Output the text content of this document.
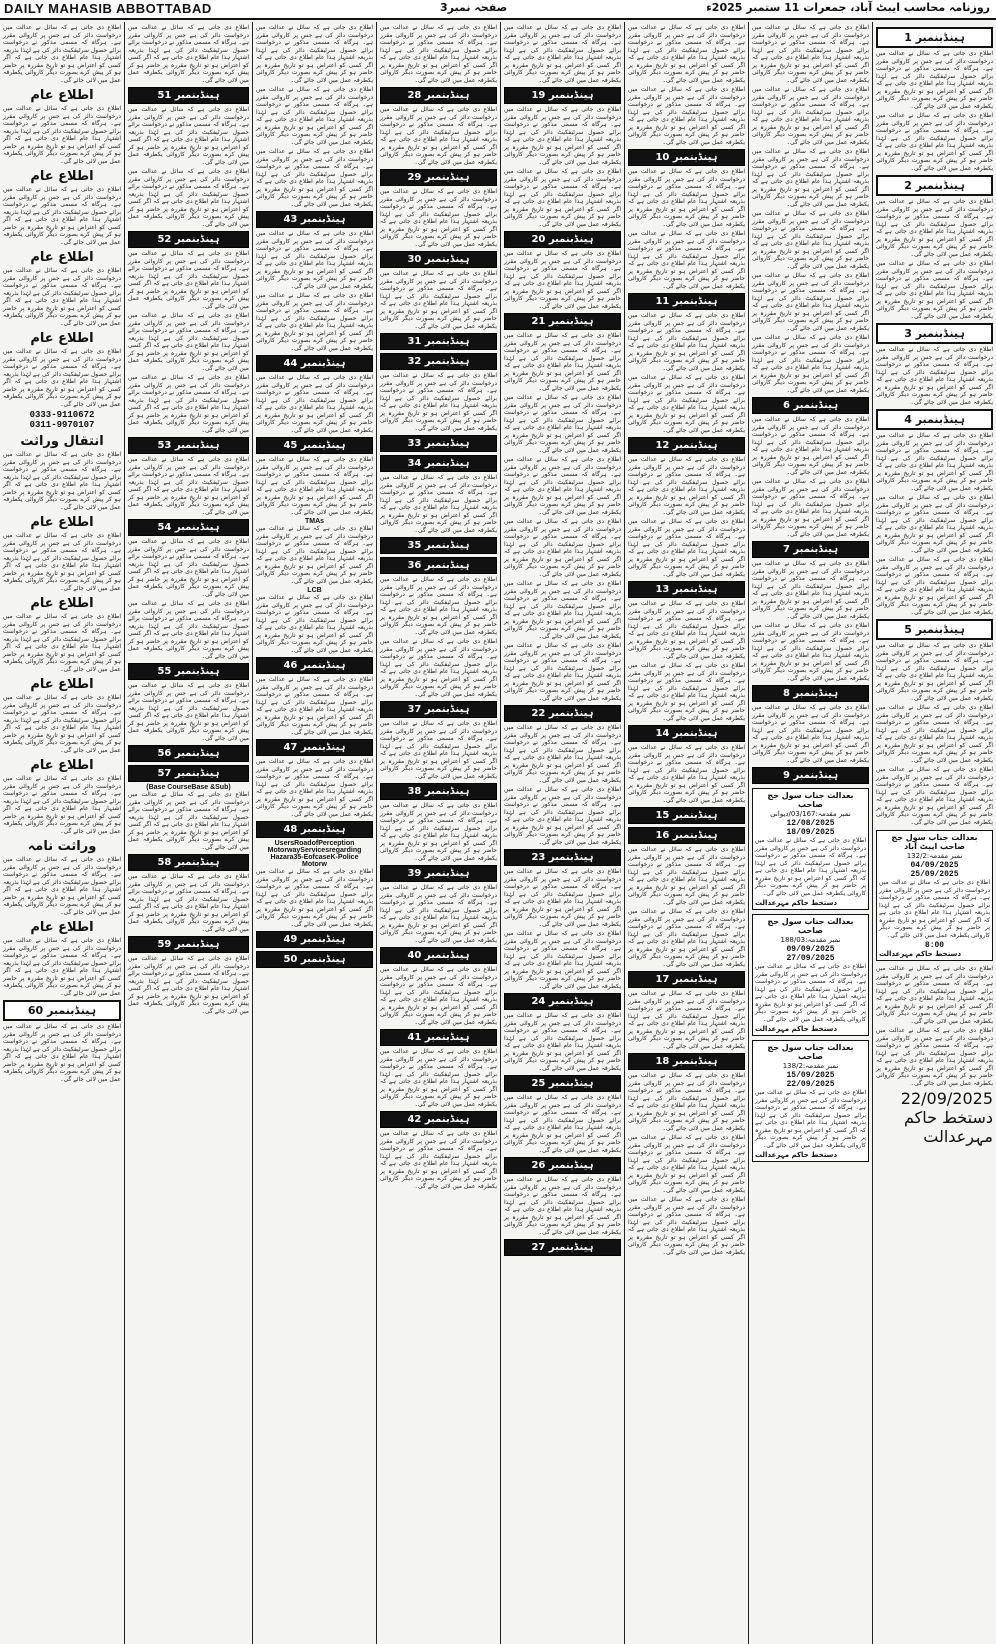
DAILY MAHASIB ABBOTTABAD	صفحہ نمبر3	روزنامہ محاسب ایبٹ آباد، جمعرات 11 ستمبر 2025ء
ہینڈبنمبر 1
اطلاع دی جاتی ہے کہ سائل نے عدالت میں درخواست دائر کی ہے جس پر کاروائی مقرر ہے۔ ہرگاہ کہ مسمی مذکور نے درخواست برائے حصول سرٹیفکیٹ دائر کی ہے لہٰذا بذریعہ اشتہار ہذا عام اطلاع دی جاتی ہے کہ اگر کسی کو اعتراض ہو تو تاریخ مقررہ پر حاضر ہو کر پیش کرے بصورت دیگر کاروائی یکطرفہ عمل میں لائی جائے گی۔
اطلاع دی جاتی ہے کہ سائل نے عدالت میں درخواست دائر کی ہے جس پر کاروائی مقرر ہے۔ ہرگاہ کہ مسمی مذکور نے درخواست برائے حصول سرٹیفکیٹ دائر کی ہے لہٰذا بذریعہ اشتہار ہذا عام اطلاع دی جاتی ہے کہ اگر کسی کو اعتراض ہو تو تاریخ مقررہ پر حاضر ہو کر پیش کرے بصورت دیگر کاروائی یکطرفہ عمل میں لائی جائے گی۔
ہینڈبنمبر 2
اطلاع دی جاتی ہے کہ سائل نے عدالت میں درخواست دائر کی ہے جس پر کاروائی مقرر ہے۔ ہرگاہ کہ مسمی مذکور نے درخواست برائے حصول سرٹیفکیٹ دائر کی ہے لہٰذا بذریعہ اشتہار ہذا عام اطلاع دی جاتی ہے کہ اگر کسی کو اعتراض ہو تو تاریخ مقررہ پر حاضر ہو کر پیش کرے بصورت دیگر کاروائی یکطرفہ عمل میں لائی جائے گی۔
اطلاع دی جاتی ہے کہ سائل نے عدالت میں درخواست دائر کی ہے جس پر کاروائی مقرر ہے۔ ہرگاہ کہ مسمی مذکور نے درخواست برائے حصول سرٹیفکیٹ دائر کی ہے لہٰذا بذریعہ اشتہار ہذا عام اطلاع دی جاتی ہے کہ اگر کسی کو اعتراض ہو تو تاریخ مقررہ پر حاضر ہو کر پیش کرے بصورت دیگر کاروائی یکطرفہ عمل میں لائی جائے گی۔
ہینڈبنمبر 3
اطلاع دی جاتی ہے کہ سائل نے عدالت میں درخواست دائر کی ہے جس پر کاروائی مقرر ہے۔ ہرگاہ کہ مسمی مذکور نے درخواست برائے حصول سرٹیفکیٹ دائر کی ہے لہٰذا بذریعہ اشتہار ہذا عام اطلاع دی جاتی ہے کہ اگر کسی کو اعتراض ہو تو تاریخ مقررہ پر حاضر ہو کر پیش کرے بصورت دیگر کاروائی یکطرفہ عمل میں لائی جائے گی۔
ہینڈبنمبر 4
اطلاع دی جاتی ہے کہ سائل نے عدالت میں درخواست دائر کی ہے جس پر کاروائی مقرر ہے۔ ہرگاہ کہ مسمی مذکور نے درخواست برائے حصول سرٹیفکیٹ دائر کی ہے لہٰذا بذریعہ اشتہار ہذا عام اطلاع دی جاتی ہے کہ اگر کسی کو اعتراض ہو تو تاریخ مقررہ پر حاضر ہو کر پیش کرے بصورت دیگر کاروائی یکطرفہ عمل میں لائی جائے گی۔
اطلاع دی جاتی ہے کہ سائل نے عدالت میں درخواست دائر کی ہے جس پر کاروائی مقرر ہے۔ ہرگاہ کہ مسمی مذکور نے درخواست برائے حصول سرٹیفکیٹ دائر کی ہے لہٰذا بذریعہ اشتہار ہذا عام اطلاع دی جاتی ہے کہ اگر کسی کو اعتراض ہو تو تاریخ مقررہ پر حاضر ہو کر پیش کرے بصورت دیگر کاروائی یکطرفہ عمل میں لائی جائے گی۔
اطلاع دی جاتی ہے کہ سائل نے عدالت میں درخواست دائر کی ہے جس پر کاروائی مقرر ہے۔ ہرگاہ کہ مسمی مذکور نے درخواست برائے حصول سرٹیفکیٹ دائر کی ہے لہٰذا بذریعہ اشتہار ہذا عام اطلاع دی جاتی ہے کہ اگر کسی کو اعتراض ہو تو تاریخ مقررہ پر حاضر ہو کر پیش کرے بصورت دیگر کاروائی یکطرفہ عمل میں لائی جائے گی۔
ہینڈبنمبر 5
اطلاع دی جاتی ہے کہ سائل نے عدالت میں درخواست دائر کی ہے جس پر کاروائی مقرر ہے۔ ہرگاہ کہ مسمی مذکور نے درخواست برائے حصول سرٹیفکیٹ دائر کی ہے لہٰذا بذریعہ اشتہار ہذا عام اطلاع دی جاتی ہے کہ اگر کسی کو اعتراض ہو تو تاریخ مقررہ پر حاضر ہو کر پیش کرے بصورت دیگر کاروائی یکطرفہ عمل میں لائی جائے گی۔
اطلاع دی جاتی ہے کہ سائل نے عدالت میں درخواست دائر کی ہے جس پر کاروائی مقرر ہے۔ ہرگاہ کہ مسمی مذکور نے درخواست برائے حصول سرٹیفکیٹ دائر کی ہے لہٰذا بذریعہ اشتہار ہذا عام اطلاع دی جاتی ہے کہ اگر کسی کو اعتراض ہو تو تاریخ مقررہ پر حاضر ہو کر پیش کرے بصورت دیگر کاروائی یکطرفہ عمل میں لائی جائے گی۔
اطلاع دی جاتی ہے کہ سائل نے عدالت میں درخواست دائر کی ہے جس پر کاروائی مقرر ہے۔ ہرگاہ کہ مسمی مذکور نے درخواست برائے حصول سرٹیفکیٹ دائر کی ہے لہٰذا بذریعہ اشتہار ہذا عام اطلاع دی جاتی ہے کہ اگر کسی کو اعتراض ہو تو تاریخ مقررہ پر حاضر ہو کر پیش کرے بصورت دیگر کاروائی یکطرفہ عمل میں لائی جائے گی۔
بعدالت جناب سول جج صاحب ایبٹ آباد
نمبر مقدمہ:132/2
04/09/2025
25/09/2025
اطلاع دی جاتی ہے کہ سائل نے عدالت میں درخواست دائر کی ہے جس پر کاروائی مقرر ہے۔ ہرگاہ کہ مسمی مذکور نے درخواست برائے حصول سرٹیفکیٹ دائر کی ہے لہٰذا بذریعہ اشتہار ہذا عام اطلاع دی جاتی ہے کہ اگر کسی کو اعتراض ہو تو تاریخ مقررہ پر حاضر ہو کر پیش کرے بصورت دیگر کاروائی یکطرفہ عمل میں لائی جائے گی۔
8:00
دستخط حاکم مہرعدالت
اطلاع دی جاتی ہے کہ سائل نے عدالت میں درخواست دائر کی ہے جس پر کاروائی مقرر ہے۔ ہرگاہ کہ مسمی مذکور نے درخواست برائے حصول سرٹیفکیٹ دائر کی ہے لہٰذا بذریعہ اشتہار ہذا عام اطلاع دی جاتی ہے کہ اگر کسی کو اعتراض ہو تو تاریخ مقررہ پر حاضر ہو کر پیش کرے بصورت دیگر کاروائی یکطرفہ عمل میں لائی جائے گی۔
اطلاع دی جاتی ہے کہ سائل نے عدالت میں درخواست دائر کی ہے جس پر کاروائی مقرر ہے۔ ہرگاہ کہ مسمی مذکور نے درخواست برائے حصول سرٹیفکیٹ دائر کی ہے لہٰذا بذریعہ اشتہار ہذا عام اطلاع دی جاتی ہے کہ اگر کسی کو اعتراض ہو تو تاریخ مقررہ پر حاضر ہو کر پیش کرے بصورت دیگر کاروائی یکطرفہ عمل میں لائی جائے گی۔
22/09/2025
دستخط حاکم مہرعدالت
اطلاع دی جاتی ہے کہ سائل نے عدالت میں درخواست دائر کی ہے جس پر کاروائی مقرر ہے۔ ہرگاہ کہ مسمی مذکور نے درخواست برائے حصول سرٹیفکیٹ دائر کی ہے لہٰذا بذریعہ اشتہار ہذا عام اطلاع دی جاتی ہے کہ اگر کسی کو اعتراض ہو تو تاریخ مقررہ پر حاضر ہو کر پیش کرے بصورت دیگر کاروائی یکطرفہ عمل میں لائی جائے گی۔
اطلاع دی جاتی ہے کہ سائل نے عدالت میں درخواست دائر کی ہے جس پر کاروائی مقرر ہے۔ ہرگاہ کہ مسمی مذکور نے درخواست برائے حصول سرٹیفکیٹ دائر کی ہے لہٰذا بذریعہ اشتہار ہذا عام اطلاع دی جاتی ہے کہ اگر کسی کو اعتراض ہو تو تاریخ مقررہ پر حاضر ہو کر پیش کرے بصورت دیگر کاروائی یکطرفہ عمل میں لائی جائے گی۔
اطلاع دی جاتی ہے کہ سائل نے عدالت میں درخواست دائر کی ہے جس پر کاروائی مقرر ہے۔ ہرگاہ کہ مسمی مذکور نے درخواست برائے حصول سرٹیفکیٹ دائر کی ہے لہٰذا بذریعہ اشتہار ہذا عام اطلاع دی جاتی ہے کہ اگر کسی کو اعتراض ہو تو تاریخ مقررہ پر حاضر ہو کر پیش کرے بصورت دیگر کاروائی یکطرفہ عمل میں لائی جائے گی۔
اطلاع دی جاتی ہے کہ سائل نے عدالت میں درخواست دائر کی ہے جس پر کاروائی مقرر ہے۔ ہرگاہ کہ مسمی مذکور نے درخواست برائے حصول سرٹیفکیٹ دائر کی ہے لہٰذا بذریعہ اشتہار ہذا عام اطلاع دی جاتی ہے کہ اگر کسی کو اعتراض ہو تو تاریخ مقررہ پر حاضر ہو کر پیش کرے بصورت دیگر کاروائی یکطرفہ عمل میں لائی جائے گی۔
اطلاع دی جاتی ہے کہ سائل نے عدالت میں درخواست دائر کی ہے جس پر کاروائی مقرر ہے۔ ہرگاہ کہ مسمی مذکور نے درخواست برائے حصول سرٹیفکیٹ دائر کی ہے لہٰذا بذریعہ اشتہار ہذا عام اطلاع دی جاتی ہے کہ اگر کسی کو اعتراض ہو تو تاریخ مقررہ پر حاضر ہو کر پیش کرے بصورت دیگر کاروائی یکطرفہ عمل میں لائی جائے گی۔
اطلاع دی جاتی ہے کہ سائل نے عدالت میں درخواست دائر کی ہے جس پر کاروائی مقرر ہے۔ ہرگاہ کہ مسمی مذکور نے درخواست برائے حصول سرٹیفکیٹ دائر کی ہے لہٰذا بذریعہ اشتہار ہذا عام اطلاع دی جاتی ہے کہ اگر کسی کو اعتراض ہو تو تاریخ مقررہ پر حاضر ہو کر پیش کرے بصورت دیگر کاروائی یکطرفہ عمل میں لائی جائے گی۔
ہینڈبنمبر 6
اطلاع دی جاتی ہے کہ سائل نے عدالت میں درخواست دائر کی ہے جس پر کاروائی مقرر ہے۔ ہرگاہ کہ مسمی مذکور نے درخواست برائے حصول سرٹیفکیٹ دائر کی ہے لہٰذا بذریعہ اشتہار ہذا عام اطلاع دی جاتی ہے کہ اگر کسی کو اعتراض ہو تو تاریخ مقررہ پر حاضر ہو کر پیش کرے بصورت دیگر کاروائی یکطرفہ عمل میں لائی جائے گی۔
اطلاع دی جاتی ہے کہ سائل نے عدالت میں درخواست دائر کی ہے جس پر کاروائی مقرر ہے۔ ہرگاہ کہ مسمی مذکور نے درخواست برائے حصول سرٹیفکیٹ دائر کی ہے لہٰذا بذریعہ اشتہار ہذا عام اطلاع دی جاتی ہے کہ اگر کسی کو اعتراض ہو تو تاریخ مقررہ پر حاضر ہو کر پیش کرے بصورت دیگر کاروائی یکطرفہ عمل میں لائی جائے گی۔
ہینڈبنمبر 7
اطلاع دی جاتی ہے کہ سائل نے عدالت میں درخواست دائر کی ہے جس پر کاروائی مقرر ہے۔ ہرگاہ کہ مسمی مذکور نے درخواست برائے حصول سرٹیفکیٹ دائر کی ہے لہٰذا بذریعہ اشتہار ہذا عام اطلاع دی جاتی ہے کہ اگر کسی کو اعتراض ہو تو تاریخ مقررہ پر حاضر ہو کر پیش کرے بصورت دیگر کاروائی یکطرفہ عمل میں لائی جائے گی۔
اطلاع دی جاتی ہے کہ سائل نے عدالت میں درخواست دائر کی ہے جس پر کاروائی مقرر ہے۔ ہرگاہ کہ مسمی مذکور نے درخواست برائے حصول سرٹیفکیٹ دائر کی ہے لہٰذا بذریعہ اشتہار ہذا عام اطلاع دی جاتی ہے کہ اگر کسی کو اعتراض ہو تو تاریخ مقررہ پر حاضر ہو کر پیش کرے بصورت دیگر کاروائی یکطرفہ عمل میں لائی جائے گی۔
ہینڈبنمبر 8
اطلاع دی جاتی ہے کہ سائل نے عدالت میں درخواست دائر کی ہے جس پر کاروائی مقرر ہے۔ ہرگاہ کہ مسمی مذکور نے درخواست برائے حصول سرٹیفکیٹ دائر کی ہے لہٰذا بذریعہ اشتہار ہذا عام اطلاع دی جاتی ہے کہ اگر کسی کو اعتراض ہو تو تاریخ مقررہ پر حاضر ہو کر پیش کرے بصورت دیگر کاروائی یکطرفہ عمل میں لائی جائے گی۔
ہینڈبنمبر 9
بعدالت جناب سول جج صاحب
نمبر مقدمہ:03/167/دیوانی
12/08/2025
18/09/2025
اطلاع دی جاتی ہے کہ سائل نے عدالت میں درخواست دائر کی ہے جس پر کاروائی مقرر ہے۔ ہرگاہ کہ مسمی مذکور نے درخواست برائے حصول سرٹیفکیٹ دائر کی ہے لہٰذا بذریعہ اشتہار ہذا عام اطلاع دی جاتی ہے کہ اگر کسی کو اعتراض ہو تو تاریخ مقررہ پر حاضر ہو کر پیش کرے بصورت دیگر کاروائی یکطرفہ عمل میں لائی جائے گی۔
دستخط حاکم مہرعدالت
بعدالت جناب سول جج صاحب
نمبر مقدمہ:188/03
09/09/2025
27/09/2025
اطلاع دی جاتی ہے کہ سائل نے عدالت میں درخواست دائر کی ہے جس پر کاروائی مقرر ہے۔ ہرگاہ کہ مسمی مذکور نے درخواست برائے حصول سرٹیفکیٹ دائر کی ہے لہٰذا بذریعہ اشتہار ہذا عام اطلاع دی جاتی ہے کہ اگر کسی کو اعتراض ہو تو تاریخ مقررہ پر حاضر ہو کر پیش کرے بصورت دیگر کاروائی یکطرفہ عمل میں لائی جائے گی۔
دستخط حاکم مہرعدالت
بعدالت جناب سول جج صاحب
نمبر مقدمہ:138/2
15/09/2025
22/09/2025
اطلاع دی جاتی ہے کہ سائل نے عدالت میں درخواست دائر کی ہے جس پر کاروائی مقرر ہے۔ ہرگاہ کہ مسمی مذکور نے درخواست برائے حصول سرٹیفکیٹ دائر کی ہے لہٰذا بذریعہ اشتہار ہذا عام اطلاع دی جاتی ہے کہ اگر کسی کو اعتراض ہو تو تاریخ مقررہ پر حاضر ہو کر پیش کرے بصورت دیگر کاروائی یکطرفہ عمل میں لائی جائے گی۔
دستخط حاکم مہرعدالت
اطلاع دی جاتی ہے کہ سائل نے عدالت میں درخواست دائر کی ہے جس پر کاروائی مقرر ہے۔ ہرگاہ کہ مسمی مذکور نے درخواست برائے حصول سرٹیفکیٹ دائر کی ہے لہٰذا بذریعہ اشتہار ہذا عام اطلاع دی جاتی ہے کہ اگر کسی کو اعتراض ہو تو تاریخ مقررہ پر حاضر ہو کر پیش کرے بصورت دیگر کاروائی یکطرفہ عمل میں لائی جائے گی۔
اطلاع دی جاتی ہے کہ سائل نے عدالت میں درخواست دائر کی ہے جس پر کاروائی مقرر ہے۔ ہرگاہ کہ مسمی مذکور نے درخواست برائے حصول سرٹیفکیٹ دائر کی ہے لہٰذا بذریعہ اشتہار ہذا عام اطلاع دی جاتی ہے کہ اگر کسی کو اعتراض ہو تو تاریخ مقررہ پر حاضر ہو کر پیش کرے بصورت دیگر کاروائی یکطرفہ عمل میں لائی جائے گی۔
ہینڈبنمبر 10
اطلاع دی جاتی ہے کہ سائل نے عدالت میں درخواست دائر کی ہے جس پر کاروائی مقرر ہے۔ ہرگاہ کہ مسمی مذکور نے درخواست برائے حصول سرٹیفکیٹ دائر کی ہے لہٰذا بذریعہ اشتہار ہذا عام اطلاع دی جاتی ہے کہ اگر کسی کو اعتراض ہو تو تاریخ مقررہ پر حاضر ہو کر پیش کرے بصورت دیگر کاروائی یکطرفہ عمل میں لائی جائے گی۔
اطلاع دی جاتی ہے کہ سائل نے عدالت میں درخواست دائر کی ہے جس پر کاروائی مقرر ہے۔ ہرگاہ کہ مسمی مذکور نے درخواست برائے حصول سرٹیفکیٹ دائر کی ہے لہٰذا بذریعہ اشتہار ہذا عام اطلاع دی جاتی ہے کہ اگر کسی کو اعتراض ہو تو تاریخ مقررہ پر حاضر ہو کر پیش کرے بصورت دیگر کاروائی یکطرفہ عمل میں لائی جائے گی۔
ہینڈبنمبر 11
اطلاع دی جاتی ہے کہ سائل نے عدالت میں درخواست دائر کی ہے جس پر کاروائی مقرر ہے۔ ہرگاہ کہ مسمی مذکور نے درخواست برائے حصول سرٹیفکیٹ دائر کی ہے لہٰذا بذریعہ اشتہار ہذا عام اطلاع دی جاتی ہے کہ اگر کسی کو اعتراض ہو تو تاریخ مقررہ پر حاضر ہو کر پیش کرے بصورت دیگر کاروائی یکطرفہ عمل میں لائی جائے گی۔
اطلاع دی جاتی ہے کہ سائل نے عدالت میں درخواست دائر کی ہے جس پر کاروائی مقرر ہے۔ ہرگاہ کہ مسمی مذکور نے درخواست برائے حصول سرٹیفکیٹ دائر کی ہے لہٰذا بذریعہ اشتہار ہذا عام اطلاع دی جاتی ہے کہ اگر کسی کو اعتراض ہو تو تاریخ مقررہ پر حاضر ہو کر پیش کرے بصورت دیگر کاروائی یکطرفہ عمل میں لائی جائے گی۔
ہینڈبنمبر 12
اطلاع دی جاتی ہے کہ سائل نے عدالت میں درخواست دائر کی ہے جس پر کاروائی مقرر ہے۔ ہرگاہ کہ مسمی مذکور نے درخواست برائے حصول سرٹیفکیٹ دائر کی ہے لہٰذا بذریعہ اشتہار ہذا عام اطلاع دی جاتی ہے کہ اگر کسی کو اعتراض ہو تو تاریخ مقررہ پر حاضر ہو کر پیش کرے بصورت دیگر کاروائی یکطرفہ عمل میں لائی جائے گی۔
اطلاع دی جاتی ہے کہ سائل نے عدالت میں درخواست دائر کی ہے جس پر کاروائی مقرر ہے۔ ہرگاہ کہ مسمی مذکور نے درخواست برائے حصول سرٹیفکیٹ دائر کی ہے لہٰذا بذریعہ اشتہار ہذا عام اطلاع دی جاتی ہے کہ اگر کسی کو اعتراض ہو تو تاریخ مقررہ پر حاضر ہو کر پیش کرے بصورت دیگر کاروائی یکطرفہ عمل میں لائی جائے گی۔
ہینڈبنمبر 13
اطلاع دی جاتی ہے کہ سائل نے عدالت میں درخواست دائر کی ہے جس پر کاروائی مقرر ہے۔ ہرگاہ کہ مسمی مذکور نے درخواست برائے حصول سرٹیفکیٹ دائر کی ہے لہٰذا بذریعہ اشتہار ہذا عام اطلاع دی جاتی ہے کہ اگر کسی کو اعتراض ہو تو تاریخ مقررہ پر حاضر ہو کر پیش کرے بصورت دیگر کاروائی یکطرفہ عمل میں لائی جائے گی۔
اطلاع دی جاتی ہے کہ سائل نے عدالت میں درخواست دائر کی ہے جس پر کاروائی مقرر ہے۔ ہرگاہ کہ مسمی مذکور نے درخواست برائے حصول سرٹیفکیٹ دائر کی ہے لہٰذا بذریعہ اشتہار ہذا عام اطلاع دی جاتی ہے کہ اگر کسی کو اعتراض ہو تو تاریخ مقررہ پر حاضر ہو کر پیش کرے بصورت دیگر کاروائی یکطرفہ عمل میں لائی جائے گی۔
ہینڈبنمبر 14
اطلاع دی جاتی ہے کہ سائل نے عدالت میں درخواست دائر کی ہے جس پر کاروائی مقرر ہے۔ ہرگاہ کہ مسمی مذکور نے درخواست برائے حصول سرٹیفکیٹ دائر کی ہے لہٰذا بذریعہ اشتہار ہذا عام اطلاع دی جاتی ہے کہ اگر کسی کو اعتراض ہو تو تاریخ مقررہ پر حاضر ہو کر پیش کرے بصورت دیگر کاروائی یکطرفہ عمل میں لائی جائے گی۔
ہینڈبنمبر 15
ہینڈبنمبر 16
اطلاع دی جاتی ہے کہ سائل نے عدالت میں درخواست دائر کی ہے جس پر کاروائی مقرر ہے۔ ہرگاہ کہ مسمی مذکور نے درخواست برائے حصول سرٹیفکیٹ دائر کی ہے لہٰذا بذریعہ اشتہار ہذا عام اطلاع دی جاتی ہے کہ اگر کسی کو اعتراض ہو تو تاریخ مقررہ پر حاضر ہو کر پیش کرے بصورت دیگر کاروائی یکطرفہ عمل میں لائی جائے گی۔
اطلاع دی جاتی ہے کہ سائل نے عدالت میں درخواست دائر کی ہے جس پر کاروائی مقرر ہے۔ ہرگاہ کہ مسمی مذکور نے درخواست برائے حصول سرٹیفکیٹ دائر کی ہے لہٰذا بذریعہ اشتہار ہذا عام اطلاع دی جاتی ہے کہ اگر کسی کو اعتراض ہو تو تاریخ مقررہ پر حاضر ہو کر پیش کرے بصورت دیگر کاروائی یکطرفہ عمل میں لائی جائے گی۔
ہینڈبنمبر 17
اطلاع دی جاتی ہے کہ سائل نے عدالت میں درخواست دائر کی ہے جس پر کاروائی مقرر ہے۔ ہرگاہ کہ مسمی مذکور نے درخواست برائے حصول سرٹیفکیٹ دائر کی ہے لہٰذا بذریعہ اشتہار ہذا عام اطلاع دی جاتی ہے کہ اگر کسی کو اعتراض ہو تو تاریخ مقررہ پر حاضر ہو کر پیش کرے بصورت دیگر کاروائی یکطرفہ عمل میں لائی جائے گی۔
ہینڈبنمبر 18
اطلاع دی جاتی ہے کہ سائل نے عدالت میں درخواست دائر کی ہے جس پر کاروائی مقرر ہے۔ ہرگاہ کہ مسمی مذکور نے درخواست برائے حصول سرٹیفکیٹ دائر کی ہے لہٰذا بذریعہ اشتہار ہذا عام اطلاع دی جاتی ہے کہ اگر کسی کو اعتراض ہو تو تاریخ مقررہ پر حاضر ہو کر پیش کرے بصورت دیگر کاروائی یکطرفہ عمل میں لائی جائے گی۔
اطلاع دی جاتی ہے کہ سائل نے عدالت میں درخواست دائر کی ہے جس پر کاروائی مقرر ہے۔ ہرگاہ کہ مسمی مذکور نے درخواست برائے حصول سرٹیفکیٹ دائر کی ہے لہٰذا بذریعہ اشتہار ہذا عام اطلاع دی جاتی ہے کہ اگر کسی کو اعتراض ہو تو تاریخ مقررہ پر حاضر ہو کر پیش کرے بصورت دیگر کاروائی یکطرفہ عمل میں لائی جائے گی۔
اطلاع دی جاتی ہے کہ سائل نے عدالت میں درخواست دائر کی ہے جس پر کاروائی مقرر ہے۔ ہرگاہ کہ مسمی مذکور نے درخواست برائے حصول سرٹیفکیٹ دائر کی ہے لہٰذا بذریعہ اشتہار ہذا عام اطلاع دی جاتی ہے کہ اگر کسی کو اعتراض ہو تو تاریخ مقررہ پر حاضر ہو کر پیش کرے بصورت دیگر کاروائی یکطرفہ عمل میں لائی جائے گی۔
اطلاع دی جاتی ہے کہ سائل نے عدالت میں درخواست دائر کی ہے جس پر کاروائی مقرر ہے۔ ہرگاہ کہ مسمی مذکور نے درخواست برائے حصول سرٹیفکیٹ دائر کی ہے لہٰذا بذریعہ اشتہار ہذا عام اطلاع دی جاتی ہے کہ اگر کسی کو اعتراض ہو تو تاریخ مقررہ پر حاضر ہو کر پیش کرے بصورت دیگر کاروائی یکطرفہ عمل میں لائی جائے گی۔
ہینڈبنمبر 19
اطلاع دی جاتی ہے کہ سائل نے عدالت میں درخواست دائر کی ہے جس پر کاروائی مقرر ہے۔ ہرگاہ کہ مسمی مذکور نے درخواست برائے حصول سرٹیفکیٹ دائر کی ہے لہٰذا بذریعہ اشتہار ہذا عام اطلاع دی جاتی ہے کہ اگر کسی کو اعتراض ہو تو تاریخ مقررہ پر حاضر ہو کر پیش کرے بصورت دیگر کاروائی یکطرفہ عمل میں لائی جائے گی۔
اطلاع دی جاتی ہے کہ سائل نے عدالت میں درخواست دائر کی ہے جس پر کاروائی مقرر ہے۔ ہرگاہ کہ مسمی مذکور نے درخواست برائے حصول سرٹیفکیٹ دائر کی ہے لہٰذا بذریعہ اشتہار ہذا عام اطلاع دی جاتی ہے کہ اگر کسی کو اعتراض ہو تو تاریخ مقررہ پر حاضر ہو کر پیش کرے بصورت دیگر کاروائی یکطرفہ عمل میں لائی جائے گی۔
ہینڈبنمبر 20
اطلاع دی جاتی ہے کہ سائل نے عدالت میں درخواست دائر کی ہے جس پر کاروائی مقرر ہے۔ ہرگاہ کہ مسمی مذکور نے درخواست برائے حصول سرٹیفکیٹ دائر کی ہے لہٰذا بذریعہ اشتہار ہذا عام اطلاع دی جاتی ہے کہ اگر کسی کو اعتراض ہو تو تاریخ مقررہ پر حاضر ہو کر پیش کرے بصورت دیگر کاروائی یکطرفہ عمل میں لائی جائے گی۔
ہینڈبنمبر 21
اطلاع دی جاتی ہے کہ سائل نے عدالت میں درخواست دائر کی ہے جس پر کاروائی مقرر ہے۔ ہرگاہ کہ مسمی مذکور نے درخواست برائے حصول سرٹیفکیٹ دائر کی ہے لہٰذا بذریعہ اشتہار ہذا عام اطلاع دی جاتی ہے کہ اگر کسی کو اعتراض ہو تو تاریخ مقررہ پر حاضر ہو کر پیش کرے بصورت دیگر کاروائی یکطرفہ عمل میں لائی جائے گی۔
اطلاع دی جاتی ہے کہ سائل نے عدالت میں درخواست دائر کی ہے جس پر کاروائی مقرر ہے۔ ہرگاہ کہ مسمی مذکور نے درخواست برائے حصول سرٹیفکیٹ دائر کی ہے لہٰذا بذریعہ اشتہار ہذا عام اطلاع دی جاتی ہے کہ اگر کسی کو اعتراض ہو تو تاریخ مقررہ پر حاضر ہو کر پیش کرے بصورت دیگر کاروائی یکطرفہ عمل میں لائی جائے گی۔
اطلاع دی جاتی ہے کہ سائل نے عدالت میں درخواست دائر کی ہے جس پر کاروائی مقرر ہے۔ ہرگاہ کہ مسمی مذکور نے درخواست برائے حصول سرٹیفکیٹ دائر کی ہے لہٰذا بذریعہ اشتہار ہذا عام اطلاع دی جاتی ہے کہ اگر کسی کو اعتراض ہو تو تاریخ مقررہ پر حاضر ہو کر پیش کرے بصورت دیگر کاروائی یکطرفہ عمل میں لائی جائے گی۔
اطلاع دی جاتی ہے کہ سائل نے عدالت میں درخواست دائر کی ہے جس پر کاروائی مقرر ہے۔ ہرگاہ کہ مسمی مذکور نے درخواست برائے حصول سرٹیفکیٹ دائر کی ہے لہٰذا بذریعہ اشتہار ہذا عام اطلاع دی جاتی ہے کہ اگر کسی کو اعتراض ہو تو تاریخ مقررہ پر حاضر ہو کر پیش کرے بصورت دیگر کاروائی یکطرفہ عمل میں لائی جائے گی۔
اطلاع دی جاتی ہے کہ سائل نے عدالت میں درخواست دائر کی ہے جس پر کاروائی مقرر ہے۔ ہرگاہ کہ مسمی مذکور نے درخواست برائے حصول سرٹیفکیٹ دائر کی ہے لہٰذا بذریعہ اشتہار ہذا عام اطلاع دی جاتی ہے کہ اگر کسی کو اعتراض ہو تو تاریخ مقررہ پر حاضر ہو کر پیش کرے بصورت دیگر کاروائی یکطرفہ عمل میں لائی جائے گی۔
اطلاع دی جاتی ہے کہ سائل نے عدالت میں درخواست دائر کی ہے جس پر کاروائی مقرر ہے۔ ہرگاہ کہ مسمی مذکور نے درخواست برائے حصول سرٹیفکیٹ دائر کی ہے لہٰذا بذریعہ اشتہار ہذا عام اطلاع دی جاتی ہے کہ اگر کسی کو اعتراض ہو تو تاریخ مقررہ پر حاضر ہو کر پیش کرے بصورت دیگر کاروائی یکطرفہ عمل میں لائی جائے گی۔
ہینڈبنمبر 22
اطلاع دی جاتی ہے کہ سائل نے عدالت میں درخواست دائر کی ہے جس پر کاروائی مقرر ہے۔ ہرگاہ کہ مسمی مذکور نے درخواست برائے حصول سرٹیفکیٹ دائر کی ہے لہٰذا بذریعہ اشتہار ہذا عام اطلاع دی جاتی ہے کہ اگر کسی کو اعتراض ہو تو تاریخ مقررہ پر حاضر ہو کر پیش کرے بصورت دیگر کاروائی یکطرفہ عمل میں لائی جائے گی۔
اطلاع دی جاتی ہے کہ سائل نے عدالت میں درخواست دائر کی ہے جس پر کاروائی مقرر ہے۔ ہرگاہ کہ مسمی مذکور نے درخواست برائے حصول سرٹیفکیٹ دائر کی ہے لہٰذا بذریعہ اشتہار ہذا عام اطلاع دی جاتی ہے کہ اگر کسی کو اعتراض ہو تو تاریخ مقررہ پر حاضر ہو کر پیش کرے بصورت دیگر کاروائی یکطرفہ عمل میں لائی جائے گی۔
ہینڈبنمبر 23
اطلاع دی جاتی ہے کہ سائل نے عدالت میں درخواست دائر کی ہے جس پر کاروائی مقرر ہے۔ ہرگاہ کہ مسمی مذکور نے درخواست برائے حصول سرٹیفکیٹ دائر کی ہے لہٰذا بذریعہ اشتہار ہذا عام اطلاع دی جاتی ہے کہ اگر کسی کو اعتراض ہو تو تاریخ مقررہ پر حاضر ہو کر پیش کرے بصورت دیگر کاروائی یکطرفہ عمل میں لائی جائے گی۔
اطلاع دی جاتی ہے کہ سائل نے عدالت میں درخواست دائر کی ہے جس پر کاروائی مقرر ہے۔ ہرگاہ کہ مسمی مذکور نے درخواست برائے حصول سرٹیفکیٹ دائر کی ہے لہٰذا بذریعہ اشتہار ہذا عام اطلاع دی جاتی ہے کہ اگر کسی کو اعتراض ہو تو تاریخ مقررہ پر حاضر ہو کر پیش کرے بصورت دیگر کاروائی یکطرفہ عمل میں لائی جائے گی۔
ہینڈبنمبر 24
اطلاع دی جاتی ہے کہ سائل نے عدالت میں درخواست دائر کی ہے جس پر کاروائی مقرر ہے۔ ہرگاہ کہ مسمی مذکور نے درخواست برائے حصول سرٹیفکیٹ دائر کی ہے لہٰذا بذریعہ اشتہار ہذا عام اطلاع دی جاتی ہے کہ اگر کسی کو اعتراض ہو تو تاریخ مقررہ پر حاضر ہو کر پیش کرے بصورت دیگر کاروائی یکطرفہ عمل میں لائی جائے گی۔
ہینڈبنمبر 25
اطلاع دی جاتی ہے کہ سائل نے عدالت میں درخواست دائر کی ہے جس پر کاروائی مقرر ہے۔ ہرگاہ کہ مسمی مذکور نے درخواست برائے حصول سرٹیفکیٹ دائر کی ہے لہٰذا بذریعہ اشتہار ہذا عام اطلاع دی جاتی ہے کہ اگر کسی کو اعتراض ہو تو تاریخ مقررہ پر حاضر ہو کر پیش کرے بصورت دیگر کاروائی یکطرفہ عمل میں لائی جائے گی۔
ہینڈبنمبر 26
اطلاع دی جاتی ہے کہ سائل نے عدالت میں درخواست دائر کی ہے جس پر کاروائی مقرر ہے۔ ہرگاہ کہ مسمی مذکور نے درخواست برائے حصول سرٹیفکیٹ دائر کی ہے لہٰذا بذریعہ اشتہار ہذا عام اطلاع دی جاتی ہے کہ اگر کسی کو اعتراض ہو تو تاریخ مقررہ پر حاضر ہو کر پیش کرے بصورت دیگر کاروائی یکطرفہ عمل میں لائی جائے گی۔
ہینڈبنمبر 27
اطلاع دی جاتی ہے کہ سائل نے عدالت میں درخواست دائر کی ہے جس پر کاروائی مقرر ہے۔ ہرگاہ کہ مسمی مذکور نے درخواست برائے حصول سرٹیفکیٹ دائر کی ہے لہٰذا بذریعہ اشتہار ہذا عام اطلاع دی جاتی ہے کہ اگر کسی کو اعتراض ہو تو تاریخ مقررہ پر حاضر ہو کر پیش کرے بصورت دیگر کاروائی یکطرفہ عمل میں لائی جائے گی۔
ہینڈبنمبر 28
اطلاع دی جاتی ہے کہ سائل نے عدالت میں درخواست دائر کی ہے جس پر کاروائی مقرر ہے۔ ہرگاہ کہ مسمی مذکور نے درخواست برائے حصول سرٹیفکیٹ دائر کی ہے لہٰذا بذریعہ اشتہار ہذا عام اطلاع دی جاتی ہے کہ اگر کسی کو اعتراض ہو تو تاریخ مقررہ پر حاضر ہو کر پیش کرے بصورت دیگر کاروائی یکطرفہ عمل میں لائی جائے گی۔
ہینڈبنمبر 29
اطلاع دی جاتی ہے کہ سائل نے عدالت میں درخواست دائر کی ہے جس پر کاروائی مقرر ہے۔ ہرگاہ کہ مسمی مذکور نے درخواست برائے حصول سرٹیفکیٹ دائر کی ہے لہٰذا بذریعہ اشتہار ہذا عام اطلاع دی جاتی ہے کہ اگر کسی کو اعتراض ہو تو تاریخ مقررہ پر حاضر ہو کر پیش کرے بصورت دیگر کاروائی یکطرفہ عمل میں لائی جائے گی۔
ہینڈبنمبر 30
اطلاع دی جاتی ہے کہ سائل نے عدالت میں درخواست دائر کی ہے جس پر کاروائی مقرر ہے۔ ہرگاہ کہ مسمی مذکور نے درخواست برائے حصول سرٹیفکیٹ دائر کی ہے لہٰذا بذریعہ اشتہار ہذا عام اطلاع دی جاتی ہے کہ اگر کسی کو اعتراض ہو تو تاریخ مقررہ پر حاضر ہو کر پیش کرے بصورت دیگر کاروائی یکطرفہ عمل میں لائی جائے گی۔
ہینڈبنمبر 31
ہینڈبنمبر 32
اطلاع دی جاتی ہے کہ سائل نے عدالت میں درخواست دائر کی ہے جس پر کاروائی مقرر ہے۔ ہرگاہ کہ مسمی مذکور نے درخواست برائے حصول سرٹیفکیٹ دائر کی ہے لہٰذا بذریعہ اشتہار ہذا عام اطلاع دی جاتی ہے کہ اگر کسی کو اعتراض ہو تو تاریخ مقررہ پر حاضر ہو کر پیش کرے بصورت دیگر کاروائی یکطرفہ عمل میں لائی جائے گی۔
ہینڈبنمبر 33
ہینڈبنمبر 34
اطلاع دی جاتی ہے کہ سائل نے عدالت میں درخواست دائر کی ہے جس پر کاروائی مقرر ہے۔ ہرگاہ کہ مسمی مذکور نے درخواست برائے حصول سرٹیفکیٹ دائر کی ہے لہٰذا بذریعہ اشتہار ہذا عام اطلاع دی جاتی ہے کہ اگر کسی کو اعتراض ہو تو تاریخ مقررہ پر حاضر ہو کر پیش کرے بصورت دیگر کاروائی یکطرفہ عمل میں لائی جائے گی۔
ہینڈبنمبر 35
ہینڈبنمبر 36
اطلاع دی جاتی ہے کہ سائل نے عدالت میں درخواست دائر کی ہے جس پر کاروائی مقرر ہے۔ ہرگاہ کہ مسمی مذکور نے درخواست برائے حصول سرٹیفکیٹ دائر کی ہے لہٰذا بذریعہ اشتہار ہذا عام اطلاع دی جاتی ہے کہ اگر کسی کو اعتراض ہو تو تاریخ مقررہ پر حاضر ہو کر پیش کرے بصورت دیگر کاروائی یکطرفہ عمل میں لائی جائے گی۔
اطلاع دی جاتی ہے کہ سائل نے عدالت میں درخواست دائر کی ہے جس پر کاروائی مقرر ہے۔ ہرگاہ کہ مسمی مذکور نے درخواست برائے حصول سرٹیفکیٹ دائر کی ہے لہٰذا بذریعہ اشتہار ہذا عام اطلاع دی جاتی ہے کہ اگر کسی کو اعتراض ہو تو تاریخ مقررہ پر حاضر ہو کر پیش کرے بصورت دیگر کاروائی یکطرفہ عمل میں لائی جائے گی۔
ہینڈبنمبر 37
اطلاع دی جاتی ہے کہ سائل نے عدالت میں درخواست دائر کی ہے جس پر کاروائی مقرر ہے۔ ہرگاہ کہ مسمی مذکور نے درخواست برائے حصول سرٹیفکیٹ دائر کی ہے لہٰذا بذریعہ اشتہار ہذا عام اطلاع دی جاتی ہے کہ اگر کسی کو اعتراض ہو تو تاریخ مقررہ پر حاضر ہو کر پیش کرے بصورت دیگر کاروائی یکطرفہ عمل میں لائی جائے گی۔
ہینڈبنمبر 38
اطلاع دی جاتی ہے کہ سائل نے عدالت میں درخواست دائر کی ہے جس پر کاروائی مقرر ہے۔ ہرگاہ کہ مسمی مذکور نے درخواست برائے حصول سرٹیفکیٹ دائر کی ہے لہٰذا بذریعہ اشتہار ہذا عام اطلاع دی جاتی ہے کہ اگر کسی کو اعتراض ہو تو تاریخ مقررہ پر حاضر ہو کر پیش کرے بصورت دیگر کاروائی یکطرفہ عمل میں لائی جائے گی۔
ہینڈبنمبر 39
اطلاع دی جاتی ہے کہ سائل نے عدالت میں درخواست دائر کی ہے جس پر کاروائی مقرر ہے۔ ہرگاہ کہ مسمی مذکور نے درخواست برائے حصول سرٹیفکیٹ دائر کی ہے لہٰذا بذریعہ اشتہار ہذا عام اطلاع دی جاتی ہے کہ اگر کسی کو اعتراض ہو تو تاریخ مقررہ پر حاضر ہو کر پیش کرے بصورت دیگر کاروائی یکطرفہ عمل میں لائی جائے گی۔
ہینڈبنمبر 40
اطلاع دی جاتی ہے کہ سائل نے عدالت میں درخواست دائر کی ہے جس پر کاروائی مقرر ہے۔ ہرگاہ کہ مسمی مذکور نے درخواست برائے حصول سرٹیفکیٹ دائر کی ہے لہٰذا بذریعہ اشتہار ہذا عام اطلاع دی جاتی ہے کہ اگر کسی کو اعتراض ہو تو تاریخ مقررہ پر حاضر ہو کر پیش کرے بصورت دیگر کاروائی یکطرفہ عمل میں لائی جائے گی۔
ہینڈبنمبر 41
اطلاع دی جاتی ہے کہ سائل نے عدالت میں درخواست دائر کی ہے جس پر کاروائی مقرر ہے۔ ہرگاہ کہ مسمی مذکور نے درخواست برائے حصول سرٹیفکیٹ دائر کی ہے لہٰذا بذریعہ اشتہار ہذا عام اطلاع دی جاتی ہے کہ اگر کسی کو اعتراض ہو تو تاریخ مقررہ پر حاضر ہو کر پیش کرے بصورت دیگر کاروائی یکطرفہ عمل میں لائی جائے گی۔
ہینڈبنمبر 42
اطلاع دی جاتی ہے کہ سائل نے عدالت میں درخواست دائر کی ہے جس پر کاروائی مقرر ہے۔ ہرگاہ کہ مسمی مذکور نے درخواست برائے حصول سرٹیفکیٹ دائر کی ہے لہٰذا بذریعہ اشتہار ہذا عام اطلاع دی جاتی ہے کہ اگر کسی کو اعتراض ہو تو تاریخ مقررہ پر حاضر ہو کر پیش کرے بصورت دیگر کاروائی یکطرفہ عمل میں لائی جائے گی۔
اطلاع دی جاتی ہے کہ سائل نے عدالت میں درخواست دائر کی ہے جس پر کاروائی مقرر ہے۔ ہرگاہ کہ مسمی مذکور نے درخواست برائے حصول سرٹیفکیٹ دائر کی ہے لہٰذا بذریعہ اشتہار ہذا عام اطلاع دی جاتی ہے کہ اگر کسی کو اعتراض ہو تو تاریخ مقررہ پر حاضر ہو کر پیش کرے بصورت دیگر کاروائی یکطرفہ عمل میں لائی جائے گی۔
اطلاع دی جاتی ہے کہ سائل نے عدالت میں درخواست دائر کی ہے جس پر کاروائی مقرر ہے۔ ہرگاہ کہ مسمی مذکور نے درخواست برائے حصول سرٹیفکیٹ دائر کی ہے لہٰذا بذریعہ اشتہار ہذا عام اطلاع دی جاتی ہے کہ اگر کسی کو اعتراض ہو تو تاریخ مقررہ پر حاضر ہو کر پیش کرے بصورت دیگر کاروائی یکطرفہ عمل میں لائی جائے گی۔
اطلاع دی جاتی ہے کہ سائل نے عدالت میں درخواست دائر کی ہے جس پر کاروائی مقرر ہے۔ ہرگاہ کہ مسمی مذکور نے درخواست برائے حصول سرٹیفکیٹ دائر کی ہے لہٰذا بذریعہ اشتہار ہذا عام اطلاع دی جاتی ہے کہ اگر کسی کو اعتراض ہو تو تاریخ مقررہ پر حاضر ہو کر پیش کرے بصورت دیگر کاروائی یکطرفہ عمل میں لائی جائے گی۔
ہینڈبنمبر 43
اطلاع دی جاتی ہے کہ سائل نے عدالت میں درخواست دائر کی ہے جس پر کاروائی مقرر ہے۔ ہرگاہ کہ مسمی مذکور نے درخواست برائے حصول سرٹیفکیٹ دائر کی ہے لہٰذا بذریعہ اشتہار ہذا عام اطلاع دی جاتی ہے کہ اگر کسی کو اعتراض ہو تو تاریخ مقررہ پر حاضر ہو کر پیش کرے بصورت دیگر کاروائی یکطرفہ عمل میں لائی جائے گی۔
اطلاع دی جاتی ہے کہ سائل نے عدالت میں درخواست دائر کی ہے جس پر کاروائی مقرر ہے۔ ہرگاہ کہ مسمی مذکور نے درخواست برائے حصول سرٹیفکیٹ دائر کی ہے لہٰذا بذریعہ اشتہار ہذا عام اطلاع دی جاتی ہے کہ اگر کسی کو اعتراض ہو تو تاریخ مقررہ پر حاضر ہو کر پیش کرے بصورت دیگر کاروائی یکطرفہ عمل میں لائی جائے گی۔
ہینڈبنمبر 44
اطلاع دی جاتی ہے کہ سائل نے عدالت میں درخواست دائر کی ہے جس پر کاروائی مقرر ہے۔ ہرگاہ کہ مسمی مذکور نے درخواست برائے حصول سرٹیفکیٹ دائر کی ہے لہٰذا بذریعہ اشتہار ہذا عام اطلاع دی جاتی ہے کہ اگر کسی کو اعتراض ہو تو تاریخ مقررہ پر حاضر ہو کر پیش کرے بصورت دیگر کاروائی یکطرفہ عمل میں لائی جائے گی۔
ہینڈبنمبر 45
اطلاع دی جاتی ہے کہ سائل نے عدالت میں درخواست دائر کی ہے جس پر کاروائی مقرر ہے۔ ہرگاہ کہ مسمی مذکور نے درخواست برائے حصول سرٹیفکیٹ دائر کی ہے لہٰذا بذریعہ اشتہار ہذا عام اطلاع دی جاتی ہے کہ اگر کسی کو اعتراض ہو تو تاریخ مقررہ پر حاضر ہو کر پیش کرے بصورت دیگر کاروائی یکطرفہ عمل میں لائی جائے گی۔
TMAs
اطلاع دی جاتی ہے کہ سائل نے عدالت میں درخواست دائر کی ہے جس پر کاروائی مقرر ہے۔ ہرگاہ کہ مسمی مذکور نے درخواست برائے حصول سرٹیفکیٹ دائر کی ہے لہٰذا بذریعہ اشتہار ہذا عام اطلاع دی جاتی ہے کہ اگر کسی کو اعتراض ہو تو تاریخ مقررہ پر حاضر ہو کر پیش کرے بصورت دیگر کاروائی یکطرفہ عمل میں لائی جائے گی۔
LCB
اطلاع دی جاتی ہے کہ سائل نے عدالت میں درخواست دائر کی ہے جس پر کاروائی مقرر ہے۔ ہرگاہ کہ مسمی مذکور نے درخواست برائے حصول سرٹیفکیٹ دائر کی ہے لہٰذا بذریعہ اشتہار ہذا عام اطلاع دی جاتی ہے کہ اگر کسی کو اعتراض ہو تو تاریخ مقررہ پر حاضر ہو کر پیش کرے بصورت دیگر کاروائی یکطرفہ عمل میں لائی جائے گی۔
ہینڈبنمبر 46
اطلاع دی جاتی ہے کہ سائل نے عدالت میں درخواست دائر کی ہے جس پر کاروائی مقرر ہے۔ ہرگاہ کہ مسمی مذکور نے درخواست برائے حصول سرٹیفکیٹ دائر کی ہے لہٰذا بذریعہ اشتہار ہذا عام اطلاع دی جاتی ہے کہ اگر کسی کو اعتراض ہو تو تاریخ مقررہ پر حاضر ہو کر پیش کرے بصورت دیگر کاروائی یکطرفہ عمل میں لائی جائے گی۔
ہینڈبنمبر 47
اطلاع دی جاتی ہے کہ سائل نے عدالت میں درخواست دائر کی ہے جس پر کاروائی مقرر ہے۔ ہرگاہ کہ مسمی مذکور نے درخواست برائے حصول سرٹیفکیٹ دائر کی ہے لہٰذا بذریعہ اشتہار ہذا عام اطلاع دی جاتی ہے کہ اگر کسی کو اعتراض ہو تو تاریخ مقررہ پر حاضر ہو کر پیش کرے بصورت دیگر کاروائی یکطرفہ عمل میں لائی جائے گی۔
ہینڈبنمبر 48
UsersRoadofPerception
MotorwayServicesregarding
Hazara35-EofcaseK-Police
Motorw
اطلاع دی جاتی ہے کہ سائل نے عدالت میں درخواست دائر کی ہے جس پر کاروائی مقرر ہے۔ ہرگاہ کہ مسمی مذکور نے درخواست برائے حصول سرٹیفکیٹ دائر کی ہے لہٰذا بذریعہ اشتہار ہذا عام اطلاع دی جاتی ہے کہ اگر کسی کو اعتراض ہو تو تاریخ مقررہ پر حاضر ہو کر پیش کرے بصورت دیگر کاروائی یکطرفہ عمل میں لائی جائے گی۔
ہینڈبنمبر 49
ہینڈبنمبر 50
اطلاع دی جاتی ہے کہ سائل نے عدالت میں درخواست دائر کی ہے جس پر کاروائی مقرر ہے۔ ہرگاہ کہ مسمی مذکور نے درخواست برائے حصول سرٹیفکیٹ دائر کی ہے لہٰذا بذریعہ اشتہار ہذا عام اطلاع دی جاتی ہے کہ اگر کسی کو اعتراض ہو تو تاریخ مقررہ پر حاضر ہو کر پیش کرے بصورت دیگر کاروائی یکطرفہ عمل میں لائی جائے گی۔
ہینڈبنمبر 51
اطلاع دی جاتی ہے کہ سائل نے عدالت میں درخواست دائر کی ہے جس پر کاروائی مقرر ہے۔ ہرگاہ کہ مسمی مذکور نے درخواست برائے حصول سرٹیفکیٹ دائر کی ہے لہٰذا بذریعہ اشتہار ہذا عام اطلاع دی جاتی ہے کہ اگر کسی کو اعتراض ہو تو تاریخ مقررہ پر حاضر ہو کر پیش کرے بصورت دیگر کاروائی یکطرفہ عمل میں لائی جائے گی۔
اطلاع دی جاتی ہے کہ سائل نے عدالت میں درخواست دائر کی ہے جس پر کاروائی مقرر ہے۔ ہرگاہ کہ مسمی مذکور نے درخواست برائے حصول سرٹیفکیٹ دائر کی ہے لہٰذا بذریعہ اشتہار ہذا عام اطلاع دی جاتی ہے کہ اگر کسی کو اعتراض ہو تو تاریخ مقررہ پر حاضر ہو کر پیش کرے بصورت دیگر کاروائی یکطرفہ عمل میں لائی جائے گی۔
ہینڈبنمبر 52
اطلاع دی جاتی ہے کہ سائل نے عدالت میں درخواست دائر کی ہے جس پر کاروائی مقرر ہے۔ ہرگاہ کہ مسمی مذکور نے درخواست برائے حصول سرٹیفکیٹ دائر کی ہے لہٰذا بذریعہ اشتہار ہذا عام اطلاع دی جاتی ہے کہ اگر کسی کو اعتراض ہو تو تاریخ مقررہ پر حاضر ہو کر پیش کرے بصورت دیگر کاروائی یکطرفہ عمل میں لائی جائے گی۔
اطلاع دی جاتی ہے کہ سائل نے عدالت میں درخواست دائر کی ہے جس پر کاروائی مقرر ہے۔ ہرگاہ کہ مسمی مذکور نے درخواست برائے حصول سرٹیفکیٹ دائر کی ہے لہٰذا بذریعہ اشتہار ہذا عام اطلاع دی جاتی ہے کہ اگر کسی کو اعتراض ہو تو تاریخ مقررہ پر حاضر ہو کر پیش کرے بصورت دیگر کاروائی یکطرفہ عمل میں لائی جائے گی۔
اطلاع دی جاتی ہے کہ سائل نے عدالت میں درخواست دائر کی ہے جس پر کاروائی مقرر ہے۔ ہرگاہ کہ مسمی مذکور نے درخواست برائے حصول سرٹیفکیٹ دائر کی ہے لہٰذا بذریعہ اشتہار ہذا عام اطلاع دی جاتی ہے کہ اگر کسی کو اعتراض ہو تو تاریخ مقررہ پر حاضر ہو کر پیش کرے بصورت دیگر کاروائی یکطرفہ عمل میں لائی جائے گی۔
ہینڈبنمبر 53
اطلاع دی جاتی ہے کہ سائل نے عدالت میں درخواست دائر کی ہے جس پر کاروائی مقرر ہے۔ ہرگاہ کہ مسمی مذکور نے درخواست برائے حصول سرٹیفکیٹ دائر کی ہے لہٰذا بذریعہ اشتہار ہذا عام اطلاع دی جاتی ہے کہ اگر کسی کو اعتراض ہو تو تاریخ مقررہ پر حاضر ہو کر پیش کرے بصورت دیگر کاروائی یکطرفہ عمل میں لائی جائے گی۔
ہینڈبنمبر 54
اطلاع دی جاتی ہے کہ سائل نے عدالت میں درخواست دائر کی ہے جس پر کاروائی مقرر ہے۔ ہرگاہ کہ مسمی مذکور نے درخواست برائے حصول سرٹیفکیٹ دائر کی ہے لہٰذا بذریعہ اشتہار ہذا عام اطلاع دی جاتی ہے کہ اگر کسی کو اعتراض ہو تو تاریخ مقررہ پر حاضر ہو کر پیش کرے بصورت دیگر کاروائی یکطرفہ عمل میں لائی جائے گی۔
اطلاع دی جاتی ہے کہ سائل نے عدالت میں درخواست دائر کی ہے جس پر کاروائی مقرر ہے۔ ہرگاہ کہ مسمی مذکور نے درخواست برائے حصول سرٹیفکیٹ دائر کی ہے لہٰذا بذریعہ اشتہار ہذا عام اطلاع دی جاتی ہے کہ اگر کسی کو اعتراض ہو تو تاریخ مقررہ پر حاضر ہو کر پیش کرے بصورت دیگر کاروائی یکطرفہ عمل میں لائی جائے گی۔
ہینڈبنمبر 55
اطلاع دی جاتی ہے کہ سائل نے عدالت میں درخواست دائر کی ہے جس پر کاروائی مقرر ہے۔ ہرگاہ کہ مسمی مذکور نے درخواست برائے حصول سرٹیفکیٹ دائر کی ہے لہٰذا بذریعہ اشتہار ہذا عام اطلاع دی جاتی ہے کہ اگر کسی کو اعتراض ہو تو تاریخ مقررہ پر حاضر ہو کر پیش کرے بصورت دیگر کاروائی یکطرفہ عمل میں لائی جائے گی۔
ہینڈبنمبر 56
ہینڈبنمبر 57
(Base CourseBase &Sub)
اطلاع دی جاتی ہے کہ سائل نے عدالت میں درخواست دائر کی ہے جس پر کاروائی مقرر ہے۔ ہرگاہ کہ مسمی مذکور نے درخواست برائے حصول سرٹیفکیٹ دائر کی ہے لہٰذا بذریعہ اشتہار ہذا عام اطلاع دی جاتی ہے کہ اگر کسی کو اعتراض ہو تو تاریخ مقررہ پر حاضر ہو کر پیش کرے بصورت دیگر کاروائی یکطرفہ عمل میں لائی جائے گی۔
ہینڈبنمبر 58
اطلاع دی جاتی ہے کہ سائل نے عدالت میں درخواست دائر کی ہے جس پر کاروائی مقرر ہے۔ ہرگاہ کہ مسمی مذکور نے درخواست برائے حصول سرٹیفکیٹ دائر کی ہے لہٰذا بذریعہ اشتہار ہذا عام اطلاع دی جاتی ہے کہ اگر کسی کو اعتراض ہو تو تاریخ مقررہ پر حاضر ہو کر پیش کرے بصورت دیگر کاروائی یکطرفہ عمل میں لائی جائے گی۔
ہینڈبنمبر 59
اطلاع دی جاتی ہے کہ سائل نے عدالت میں درخواست دائر کی ہے جس پر کاروائی مقرر ہے۔ ہرگاہ کہ مسمی مذکور نے درخواست برائے حصول سرٹیفکیٹ دائر کی ہے لہٰذا بذریعہ اشتہار ہذا عام اطلاع دی جاتی ہے کہ اگر کسی کو اعتراض ہو تو تاریخ مقررہ پر حاضر ہو کر پیش کرے بصورت دیگر کاروائی یکطرفہ عمل میں لائی جائے گی۔
اطلاع دی جاتی ہے کہ سائل نے عدالت میں درخواست دائر کی ہے جس پر کاروائی مقرر ہے۔ ہرگاہ کہ مسمی مذکور نے درخواست برائے حصول سرٹیفکیٹ دائر کی ہے لہٰذا بذریعہ اشتہار ہذا عام اطلاع دی جاتی ہے کہ اگر کسی کو اعتراض ہو تو تاریخ مقررہ پر حاضر ہو کر پیش کرے بصورت دیگر کاروائی یکطرفہ عمل میں لائی جائے گی۔
اطلاع عام
اطلاع دی جاتی ہے کہ سائل نے عدالت میں درخواست دائر کی ہے جس پر کاروائی مقرر ہے۔ ہرگاہ کہ مسمی مذکور نے درخواست برائے حصول سرٹیفکیٹ دائر کی ہے لہٰذا بذریعہ اشتہار ہذا عام اطلاع دی جاتی ہے کہ اگر کسی کو اعتراض ہو تو تاریخ مقررہ پر حاضر ہو کر پیش کرے بصورت دیگر کاروائی یکطرفہ عمل میں لائی جائے گی۔
اطلاع عام
اطلاع دی جاتی ہے کہ سائل نے عدالت میں درخواست دائر کی ہے جس پر کاروائی مقرر ہے۔ ہرگاہ کہ مسمی مذکور نے درخواست برائے حصول سرٹیفکیٹ دائر کی ہے لہٰذا بذریعہ اشتہار ہذا عام اطلاع دی جاتی ہے کہ اگر کسی کو اعتراض ہو تو تاریخ مقررہ پر حاضر ہو کر پیش کرے بصورت دیگر کاروائی یکطرفہ عمل میں لائی جائے گی۔
اطلاع عام
اطلاع دی جاتی ہے کہ سائل نے عدالت میں درخواست دائر کی ہے جس پر کاروائی مقرر ہے۔ ہرگاہ کہ مسمی مذکور نے درخواست برائے حصول سرٹیفکیٹ دائر کی ہے لہٰذا بذریعہ اشتہار ہذا عام اطلاع دی جاتی ہے کہ اگر کسی کو اعتراض ہو تو تاریخ مقررہ پر حاضر ہو کر پیش کرے بصورت دیگر کاروائی یکطرفہ عمل میں لائی جائے گی۔
اطلاع عام
اطلاع دی جاتی ہے کہ سائل نے عدالت میں درخواست دائر کی ہے جس پر کاروائی مقرر ہے۔ ہرگاہ کہ مسمی مذکور نے درخواست برائے حصول سرٹیفکیٹ دائر کی ہے لہٰذا بذریعہ اشتہار ہذا عام اطلاع دی جاتی ہے کہ اگر کسی کو اعتراض ہو تو تاریخ مقررہ پر حاضر ہو کر پیش کرے بصورت دیگر کاروائی یکطرفہ عمل میں لائی جائے گی۔
0333-9110672
0311-9970107
انتقال وراثت
اطلاع دی جاتی ہے کہ سائل نے عدالت میں درخواست دائر کی ہے جس پر کاروائی مقرر ہے۔ ہرگاہ کہ مسمی مذکور نے درخواست برائے حصول سرٹیفکیٹ دائر کی ہے لہٰذا بذریعہ اشتہار ہذا عام اطلاع دی جاتی ہے کہ اگر کسی کو اعتراض ہو تو تاریخ مقررہ پر حاضر ہو کر پیش کرے بصورت دیگر کاروائی یکطرفہ عمل میں لائی جائے گی۔
اطلاع عام
اطلاع دی جاتی ہے کہ سائل نے عدالت میں درخواست دائر کی ہے جس پر کاروائی مقرر ہے۔ ہرگاہ کہ مسمی مذکور نے درخواست برائے حصول سرٹیفکیٹ دائر کی ہے لہٰذا بذریعہ اشتہار ہذا عام اطلاع دی جاتی ہے کہ اگر کسی کو اعتراض ہو تو تاریخ مقررہ پر حاضر ہو کر پیش کرے بصورت دیگر کاروائی یکطرفہ عمل میں لائی جائے گی۔
اطلاع عام
اطلاع دی جاتی ہے کہ سائل نے عدالت میں درخواست دائر کی ہے جس پر کاروائی مقرر ہے۔ ہرگاہ کہ مسمی مذکور نے درخواست برائے حصول سرٹیفکیٹ دائر کی ہے لہٰذا بذریعہ اشتہار ہذا عام اطلاع دی جاتی ہے کہ اگر کسی کو اعتراض ہو تو تاریخ مقررہ پر حاضر ہو کر پیش کرے بصورت دیگر کاروائی یکطرفہ عمل میں لائی جائے گی۔
اطلاع عام
اطلاع دی جاتی ہے کہ سائل نے عدالت میں درخواست دائر کی ہے جس پر کاروائی مقرر ہے۔ ہرگاہ کہ مسمی مذکور نے درخواست برائے حصول سرٹیفکیٹ دائر کی ہے لہٰذا بذریعہ اشتہار ہذا عام اطلاع دی جاتی ہے کہ اگر کسی کو اعتراض ہو تو تاریخ مقررہ پر حاضر ہو کر پیش کرے بصورت دیگر کاروائی یکطرفہ عمل میں لائی جائے گی۔
اطلاع عام
اطلاع دی جاتی ہے کہ سائل نے عدالت میں درخواست دائر کی ہے جس پر کاروائی مقرر ہے۔ ہرگاہ کہ مسمی مذکور نے درخواست برائے حصول سرٹیفکیٹ دائر کی ہے لہٰذا بذریعہ اشتہار ہذا عام اطلاع دی جاتی ہے کہ اگر کسی کو اعتراض ہو تو تاریخ مقررہ پر حاضر ہو کر پیش کرے بصورت دیگر کاروائی یکطرفہ عمل میں لائی جائے گی۔
وراثت نامہ
اطلاع دی جاتی ہے کہ سائل نے عدالت میں درخواست دائر کی ہے جس پر کاروائی مقرر ہے۔ ہرگاہ کہ مسمی مذکور نے درخواست برائے حصول سرٹیفکیٹ دائر کی ہے لہٰذا بذریعہ اشتہار ہذا عام اطلاع دی جاتی ہے کہ اگر کسی کو اعتراض ہو تو تاریخ مقررہ پر حاضر ہو کر پیش کرے بصورت دیگر کاروائی یکطرفہ عمل میں لائی جائے گی۔
اطلاع عام
اطلاع دی جاتی ہے کہ سائل نے عدالت میں درخواست دائر کی ہے جس پر کاروائی مقرر ہے۔ ہرگاہ کہ مسمی مذکور نے درخواست برائے حصول سرٹیفکیٹ دائر کی ہے لہٰذا بذریعہ اشتہار ہذا عام اطلاع دی جاتی ہے کہ اگر کسی کو اعتراض ہو تو تاریخ مقررہ پر حاضر ہو کر پیش کرے بصورت دیگر کاروائی یکطرفہ عمل میں لائی جائے گی۔
ہینڈبنمبر 60
اطلاع دی جاتی ہے کہ سائل نے عدالت میں درخواست دائر کی ہے جس پر کاروائی مقرر ہے۔ ہرگاہ کہ مسمی مذکور نے درخواست برائے حصول سرٹیفکیٹ دائر کی ہے لہٰذا بذریعہ اشتہار ہذا عام اطلاع دی جاتی ہے کہ اگر کسی کو اعتراض ہو تو تاریخ مقررہ پر حاضر ہو کر پیش کرے بصورت دیگر کاروائی یکطرفہ عمل میں لائی جائے گی۔
